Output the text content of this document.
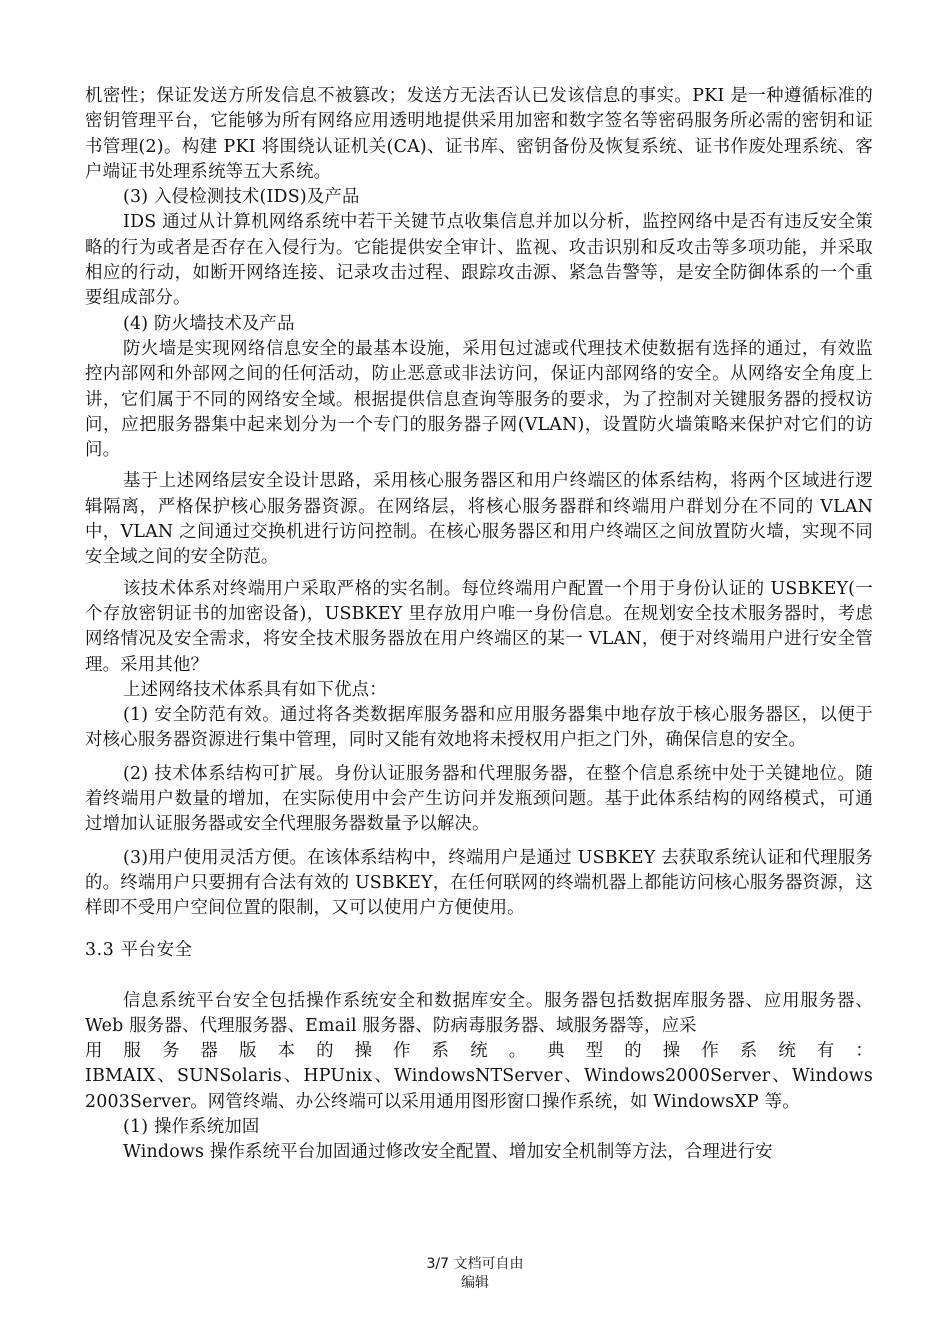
机密性；保证发送方所发信息不被篡改；发送方无法否认已发该信息的事实。PKI 是一种遵循标准的密钥管理平台，它能够为所有网络应用透明地提供采用加密和数字签名等密码服务所必需的密钥和证书管理(2)。构建 PKI 将围绕认证机关(CA)、证书库、密钥备份及恢复系统、证书作废处理系统、客户端证书处理系统等五大系统。

(3) 入侵检测技术(IDS)及产品

IDS 通过从计算机网络系统中若干关键节点收集信息并加以分析，监控网络中是否有违反安全策略的行为或者是否存在入侵行为。它能提供安全审计、监视、攻击识别和反攻击等多项功能，并采取相应的行动，如断开网络连接、记录攻击过程、跟踪攻击源、紧急告警等，是安全防御体系的一个重要组成部分。

(4) 防火墙技术及产品

防火墙是实现网络信息安全的最基本设施，采用包过滤或代理技术使数据有选择的通过，有效监控内部网和外部网之间的任何活动，防止恶意或非法访问，保证内部网络的安全。从网络安全角度上讲，它们属于不同的网络安全域。根据提供信息查询等服务的要求，为了控制对关键服务器的授权访问，应把服务器集中起来划分为一个专门的服务器子网(VLAN)，设置防火墙策略来保护对它们的访问。

基于上述网络层安全设计思路，采用核心服务器区和用户终端区的体系结构，将两个区域进行逻辑隔离，严格保护核心服务器资源。在网络层，将核心服务器群和终端用户群划分在不同的 VLAN 中，VLAN 之间通过交换机进行访问控制。在核心服务器区和用户终端区之间放置防火墙，实现不同安全域之间的安全防范。

该技术体系对终端用户采取严格的实名制。每位终端用户配置一个用于身份认证的 USBKEY(一个存放密钥证书的加密设备)，USBKEY 里存放用户唯一身份信息。在规划安全技术服务器时，考虑网络情况及安全需求，将安全技术服务器放在用户终端区的某一 VLAN，便于对终端用户进行安全管理。采用其他？

上述网络技术体系具有如下优点：

(1) 安全防范有效。通过将各类数据库服务器和应用服务器集中地存放于核心服务器区，以便于对核心服务器资源进行集中管理，同时又能有效地将未授权用户拒之门外，确保信息的安全。

(2) 技术体系结构可扩展。身份认证服务器和代理服务器，在整个信息系统中处于关键地位。随着终端用户数量的增加，在实际使用中会产生访问并发瓶颈问题。基于此体系结构的网络模式，可通过增加认证服务器或安全代理服务器数量予以解决。

(3)用户使用灵活方便。在该体系结构中，终端用户是通过 USBKEY 去获取系统认证和代理服务的。终端用户只要拥有合法有效的 USBKEY，在任何联网的终端机器上都能访问核心服务器资源，这样即不受用户空间位置的限制，又可以使用户方便使用。

3.3 平台安全

信息系统平台安全包括操作系统安全和数据库安全。服务器包括数据库服务器、应用服务器、Web 服务器、代理服务器、Email 服务器、防病毒服务器、域服务器等，应采

用 服 务 器 版 本 的 操 作 系 统 。 典 型 的 操 作 系 统 有 ：

IBMAIX、SUNSolaris、HPUnix、WindowsNTServer、Windows2000Server、Windows 2003Server。网管终端、办公终端可以采用通用图形窗口操作系统，如 WindowsXP 等。

(1) 操作系统加固

Windows 操作系统平台加固通过修改安全配置、增加安全机制等方法，合理进行安

3/7 文档可自由
编辑
